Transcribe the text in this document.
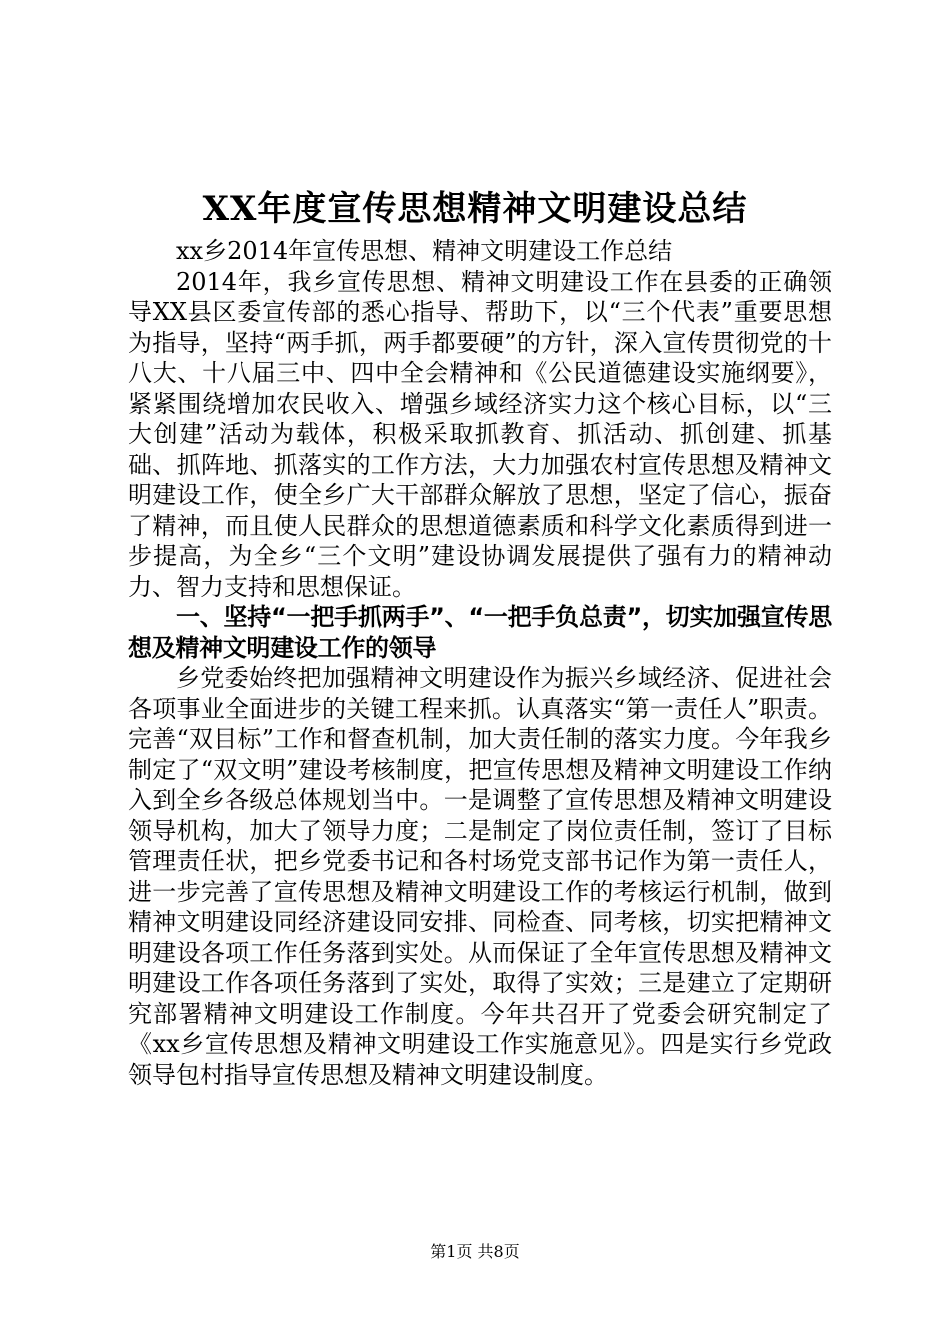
XX年度宣传思想精神文明建设总结

xx乡2014年宣传思想、精神文明建设工作总结

2014年，我乡宣传思想、精神文明建设工作在县委的正确领导XX县区委宣传部的悉心指导、帮助下，以“三个代表”重要思想为指导，坚持“两手抓，两手都要硬”的方针，深入宣传贯彻党的十八大、十八届三中、四中全会精神和《公民道德建设实施纲要》，紧紧围绕增加农民收入、增强乡域经济实力这个核心目标，以“三大创建”活动为载体，积极采取抓教育、抓活动、抓创建、抓基础、抓阵地、抓落实的工作方法，大力加强农村宣传思想及精神文明建设工作，使全乡广大干部群众解放了思想，坚定了信心，振奋了精神，而且使人民群众的思想道德素质和科学文化素质得到进一步提高，为全乡“三个文明”建设协调发展提供了强有力的精神动力、智力支持和思想保证。

一、坚持“一把手抓两手”、“一把手负总责”，切实加强宣传思想及精神文明建设工作的领导

乡党委始终把加强精神文明建设作为振兴乡域经济、促进社会各项事业全面进步的关键工程来抓。认真落实“第一责任人”职责。完善“双目标”工作和督查机制，加大责任制的落实力度。今年我乡制定了“双文明”建设考核制度，把宣传思想及精神文明建设工作纳入到全乡各级总体规划当中。一是调整了宣传思想及精神文明建设领导机构，加大了领导力度；二是制定了岗位责任制，签订了目标管理责任状，把乡党委书记和各村场党支部书记作为第一责任人，进一步完善了宣传思想及精神文明建设工作的考核运行机制，做到精神文明建设同经济建设同安排、同检查、同考核，切实把精神文明建设各项工作任务落到实处。从而保证了全年宣传思想及精神文明建设工作各项任务落到了实处，取得了实效；三是建立了定期研究部署精神文明建设工作制度。今年共召开了党委会研究制定了《xx乡宣传思想及精神文明建设工作实施意见》。四是实行乡党政领导包村指导宣传思想及精神文明建设制度。

第1页 共8页
